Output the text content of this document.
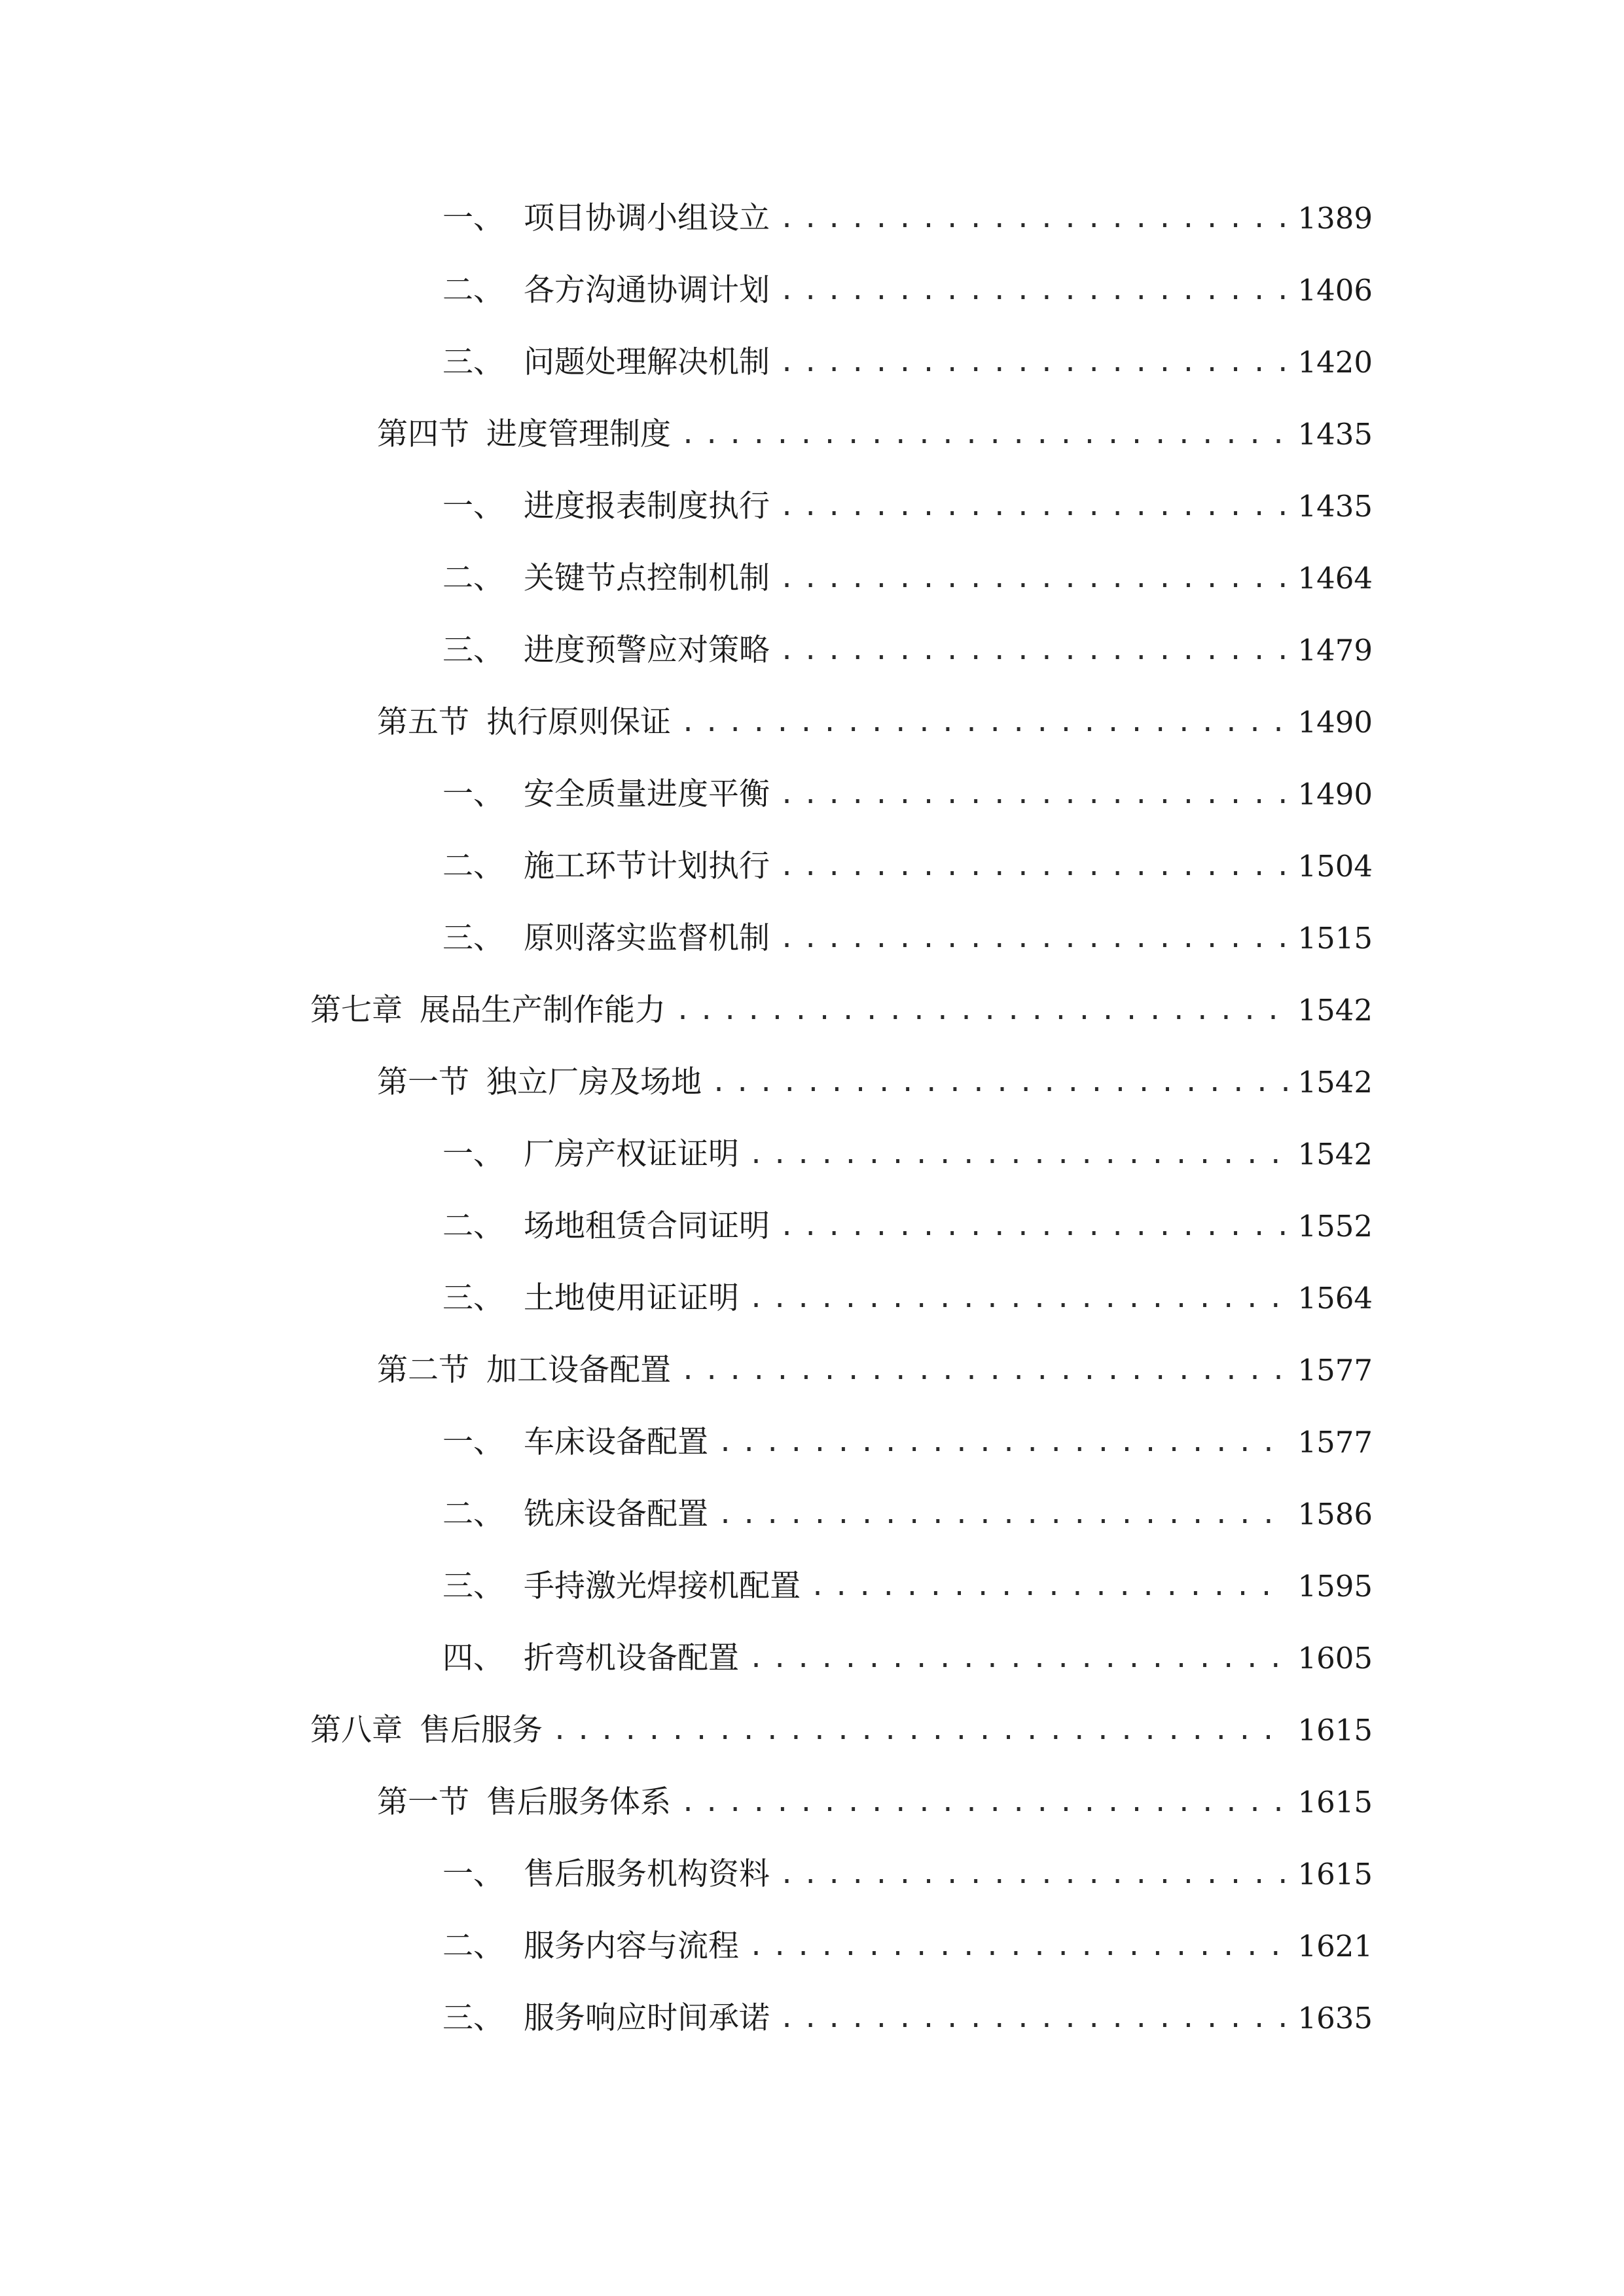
一、 项目协调小组设立 .....	1389
二、 各方沟通协调计划 .....	1406
三、 问题处理解决机制 .....	1420
第四节 进度管理制度 .....	1435
一、 进度报表制度执行 .....	1435
二、 关键节点控制机制 .....	1464
三、 进度预警应对策略 .....	1479
第五节 执行原则保证 .....	1490
一、 安全质量进度平衡 .....	1490
二、 施工环节计划执行 .....	1504
三、 原则落实监督机制 .....	1515
第七章 展品生产制作能力 .....	1542
第一节 独立厂房及场地 .....	1542
一、 厂房产权证证明 .....	1542
二、 场地租赁合同证明 .....	1552
三、 土地使用证证明 .....	1564
第二节 加工设备配置 .....	1577
一、 车床设备配置 .....	1577
二、 铣床设备配置 .....	1586
三、 手持激光焊接机配置 .....	1595
四、 折弯机设备配置 .....	1605
第八章 售后服务 .....	1615
第一节 售后服务体系 .....	1615
一、 售后服务机构资料 .....	1615
二、 服务内容与流程 .....	1621
三、 服务响应时间承诺 .....	1635
